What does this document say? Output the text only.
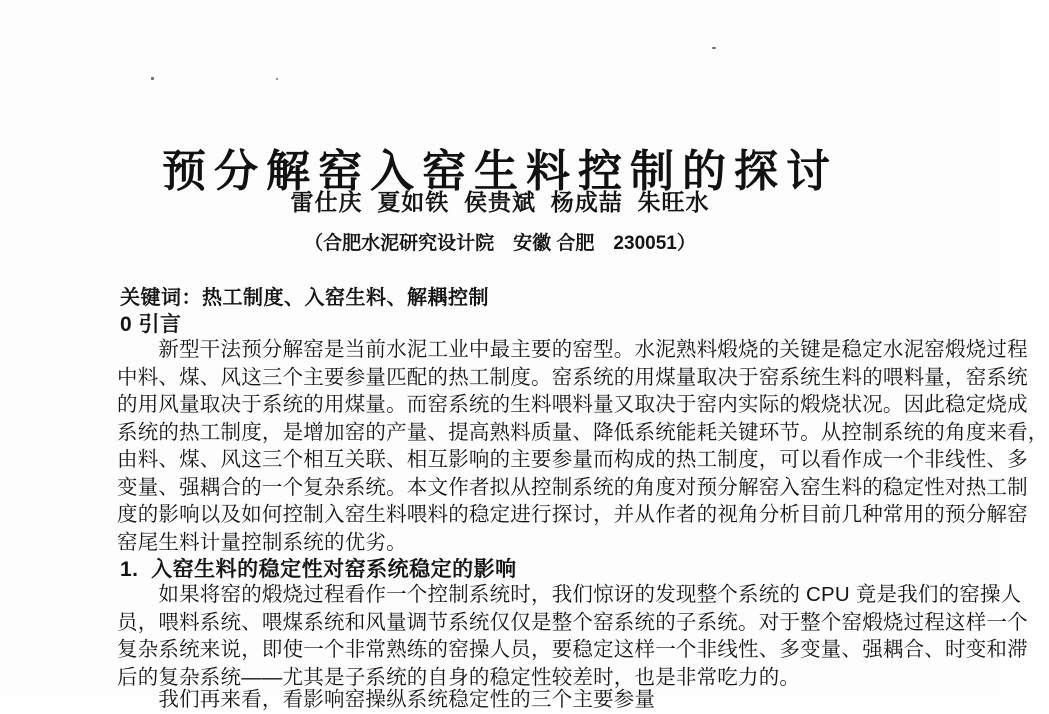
预分解窑入窑生料控制的探讨
雷仕庆  夏如铁  侯贵斌  杨成喆  朱旺水
（合肥水泥研究设计院　安徽 合肥　230051）
关键词：热工制度、入窑生料、解耦控制
0 引言
　　新型干法预分解窑是当前水泥工业中最主要的窑型。水泥熟料煅烧的关键是稳定水泥窑煅烧过程
中料、煤、风这三个主要参量匹配的热工制度。窑系统的用煤量取决于窑系统生料的喂料量，窑系统
的用风量取决于系统的用煤量。而窑系统的生料喂料量又取决于窑内实际的煅烧状况。因此稳定烧成
系统的热工制度，是增加窑的产量、提高熟料质量、降低系统能耗关键环节。从控制系统的角度来看，
由料、煤、风这三个相互关联、相互影响的主要参量而构成的热工制度，可以看作成一个非线性、多
变量、强耦合的一个复杂系统。本文作者拟从控制系统的角度对预分解窑入窑生料的稳定性对热工制
度的影响以及如何控制入窑生料喂料的稳定进行探讨，并从作者的视角分析目前几种常用的预分解窑
窑尾生料计量控制系统的优劣。
1.  入窑生料的稳定性对窑系统稳定的影响
　　如果将窑的煅烧过程看作一个控制系统时，我们惊讶的发现整个系统的 CPU 竟是我们的窑操人
员，喂料系统、喂煤系统和风量调节系统仅仅是整个窑系统的子系统。对于整个窑煅烧过程这样一个
复杂系统来说，即使一个非常熟练的窑操人员，要稳定这样一个非线性、多变量、强耦合、时变和滞
后的复杂系统——尤其是子系统的自身的稳定性较差时，也是非常吃力的。
　　我们再来看，看影响窑操纵系统稳定性的三个主要参量
